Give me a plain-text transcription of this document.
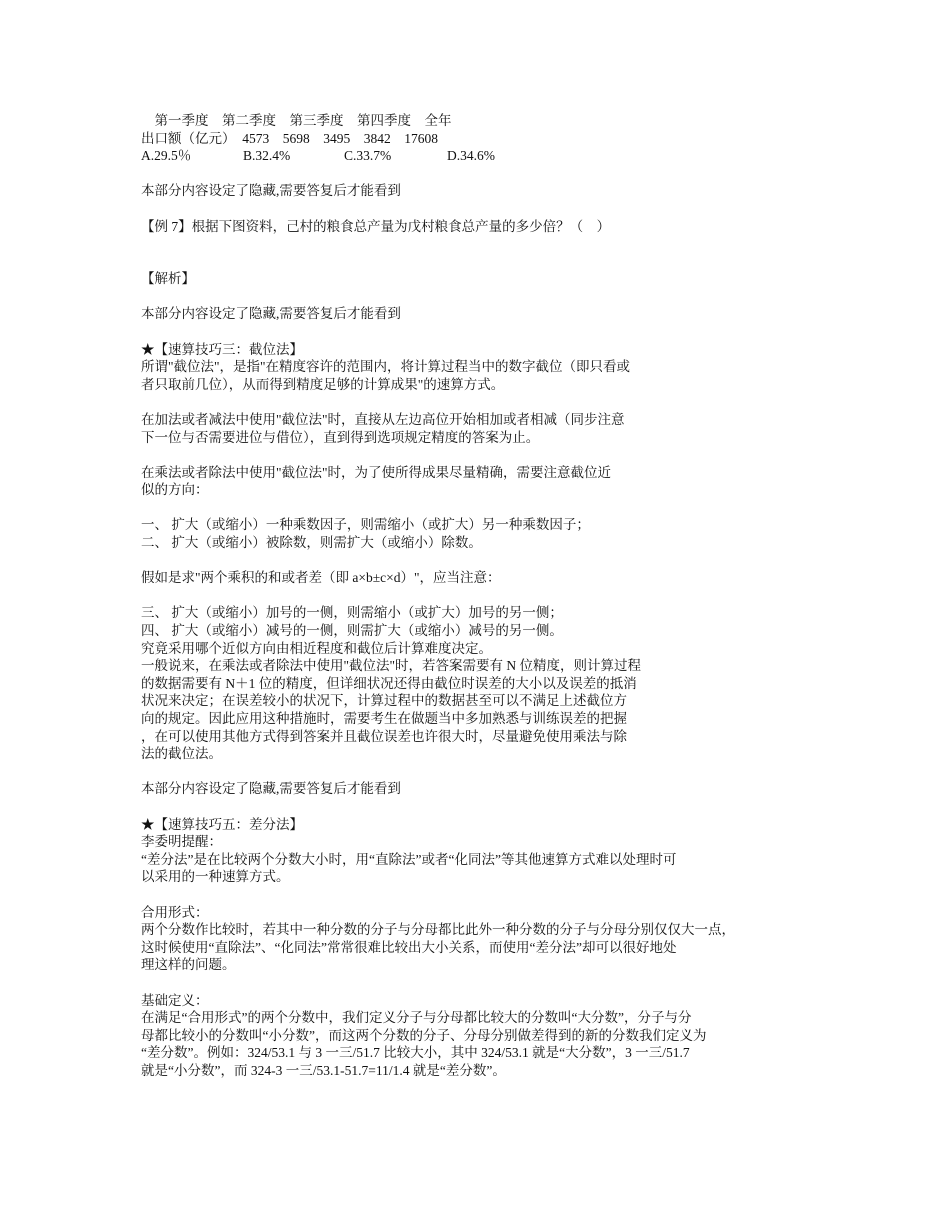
　第一季度　第二季度　第三季度　第四季度　全年
出口额（亿元）　4573　5698　3495　3842　17608
A.29.5％	B.32.4%	C.33.7%	D.34.6%
本部分内容设定了隐藏,需要答复后才能看到
【例 7】根据下图资料，己村的粮食总产量为戊村粮食总产量的多少倍？（　）
【解析】
本部分内容设定了隐藏,需要答复后才能看到
★【速算技巧三：截位法】
所谓"截位法"，是指"在精度容许的范围内，将计算过程当中的数字截位（即只看或
者只取前几位），从而得到精度足够的计算成果"的速算方式。
在加法或者减法中使用"截位法"时，直接从左边高位开始相加或者相减（同步注意
下一位与否需要进位与借位），直到得到选项规定精度的答案为止。
在乘法或者除法中使用"截位法"时，为了使所得成果尽量精确，需要注意截位近
似的方向：
一、 扩大（或缩小）一种乘数因子，则需缩小（或扩大）另一种乘数因子；
二、 扩大（或缩小）被除数，则需扩大（或缩小）除数。
假如是求"两个乘积的和或者差（即 a×b±c×d）"，应当注意：
三、 扩大（或缩小）加号的一侧，则需缩小（或扩大）加号的另一侧；
四、 扩大（或缩小）减号的一侧，则需扩大（或缩小）减号的另一侧。
究竟采用哪个近似方向由相近程度和截位后计算难度决定。
一般说来，在乘法或者除法中使用"截位法"时，若答案需要有 N 位精度，则计算过程
的数据需要有 N＋1 位的精度，但详细状况还得由截位时误差的大小以及误差的抵消
状况来决定；在误差较小的状况下，计算过程中的数据甚至可以不满足上述截位方
向的规定。因此应用这种措施时，需要考生在做题当中多加熟悉与训练误差的把握
，在可以使用其他方式得到答案并且截位误差也许很大时，尽量避免使用乘法与除
法的截位法。
本部分内容设定了隐藏,需要答复后才能看到
★【速算技巧五：差分法】
李委明提醒：
“差分法”是在比较两个分数大小时，用“直除法”或者“化同法”等其他速算方式难以处理时可
以采用的一种速算方式。
合用形式：
两个分数作比较时，若其中一种分数的分子与分母都比此外一种分数的分子与分母分别仅仅大一点，
这时候使用“直除法”、“化同法”常常很难比较出大小关系，而使用“差分法”却可以很好地处
理这样的问题。
基础定义：
在满足“合用形式”的两个分数中，我们定义分子与分母都比较大的分数叫“大分数”，分子与分
母都比较小的分数叫“小分数”，而这两个分数的分子、分母分别做差得到的新的分数我们定义为
“差分数”。例如：324/53.1 与 3 一三/51.7 比较大小，其中 324/53.1 就是“大分数”，3 一三/51.7
就是“小分数”，而 324-3 一三/53.1-51.7=11/1.4 就是“差分数”。
